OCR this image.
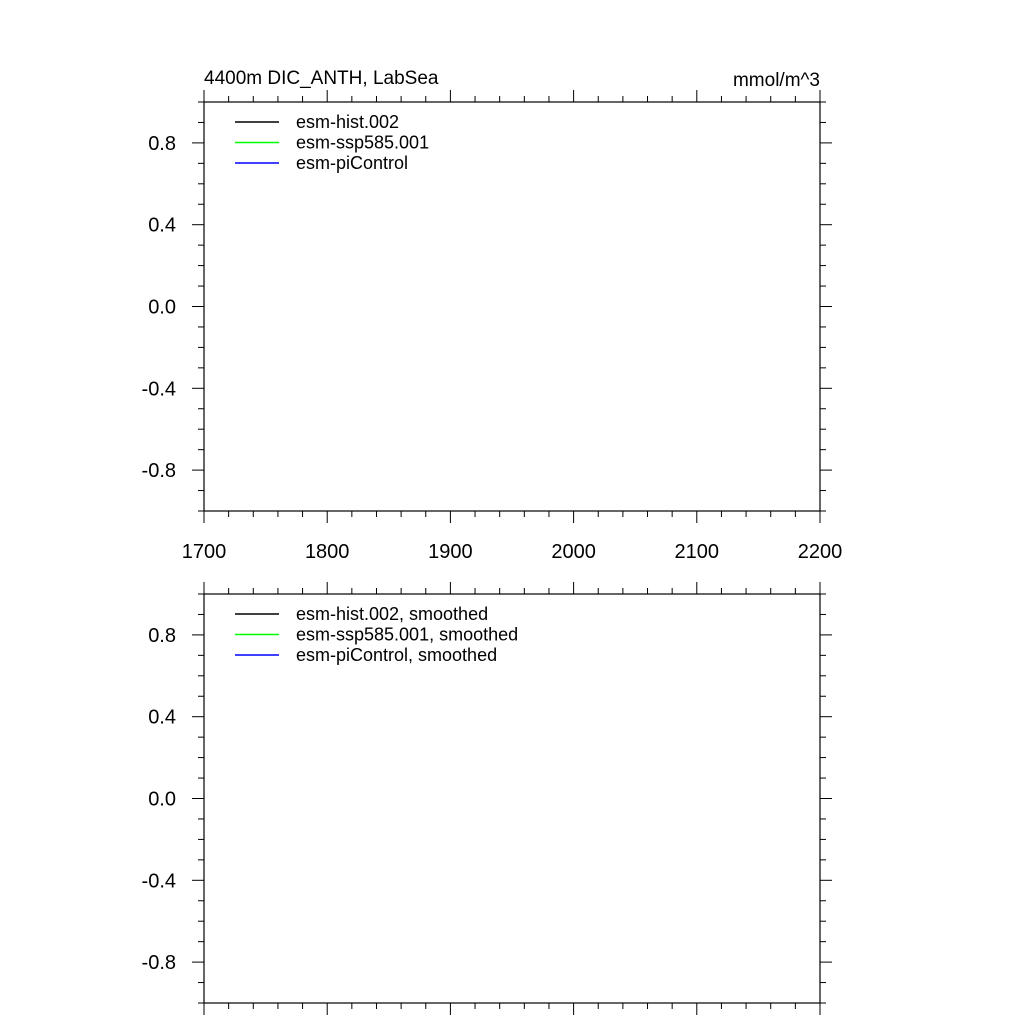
4400m DIC_ANTH, LabSea	mmol/m^3
0.8
0.4
0.0
-0.4
-0.8
1700	1800	1900	2000	2100	2200
esm-hist.002
esm-ssp585.001
esm-piControl
0.8
0.4
0.0
-0.4
-0.8
esm-hist.002, smoothed
esm-ssp585.001, smoothed
esm-piControl, smoothed
